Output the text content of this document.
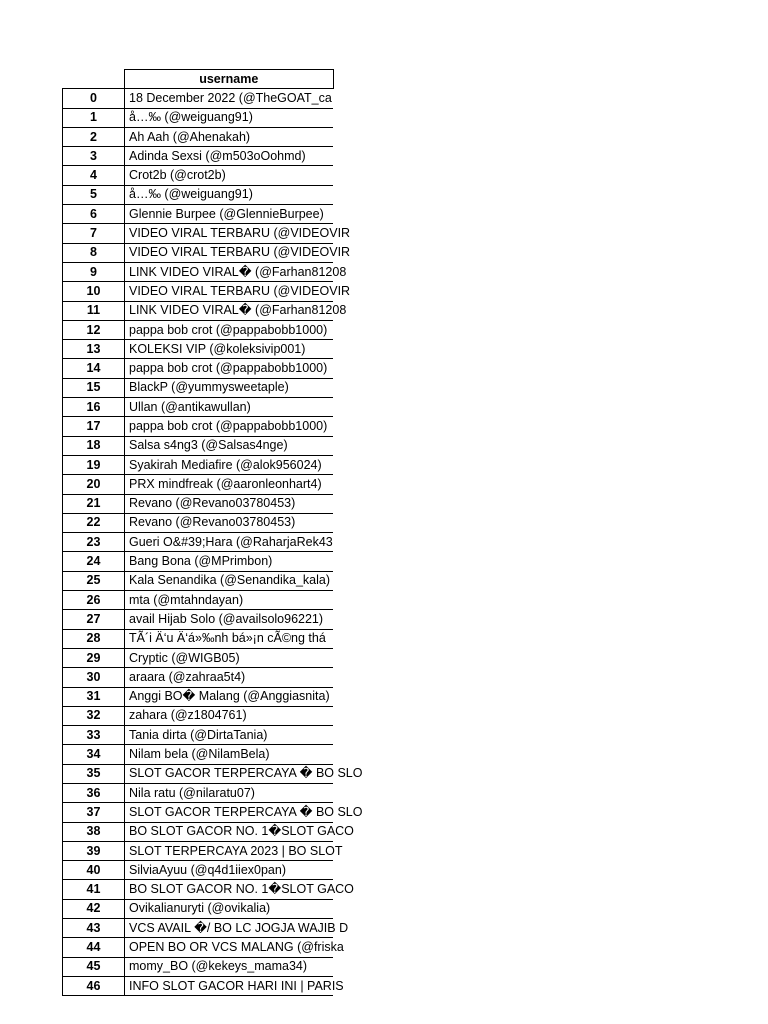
	username
0	18 December 2022 (@TheGOAT_ca

1	å…‰ (@weiguang91)

2	Ah Aah (@Ahenakah)

3	Adinda Sexsi (@m503oOohmd)

4	Crot2b (@crot2b)

5	å…‰ (@weiguang91)

6	Glennie Burpee (@GlennieBurpee)

7	VIDEO VIRAL TERBARU (@VIDEOVIR

8	VIDEO VIRAL TERBARU (@VIDEOVIR

9	LINK VIDEO VIRAL� (@Farhan81208

10	VIDEO VIRAL TERBARU (@VIDEOVIR

11	LINK VIDEO VIRAL� (@Farhan81208

12	pappa bob crot (@pappabobb1000)

13	KOLEKSI VIP (@koleksivip001)

14	pappa bob crot (@pappabobb1000)

15	BlackP (@yummysweetaple)

16	Ullan (@antikawullan)

17	pappa bob crot (@pappabobb1000)

18	Salsa s4ng3 (@Salsas4nge)

19	Syakirah Mediafire (@alok956024)

20	PRX mindfreak (@aaronleonhart4)

21	Revano (@Revano03780453)

22	Revano (@Revano03780453)

23	Gueri O&#39;Hara (@RaharjaRek43

24	Bang Bona (@MPrimbon)

25	Kala Senandika (@Senandika_kala)

26	mta (@mtahndayan)

27	avail Hijab Solo (@availsolo96221)

28	TÃ´i Ä‘u Ä‘á»‰nh bá»¡n cÃ©ng thá

29	Cryptic (@WIGB05)

30	araara (@zahraa5t4)

31	Anggi BO� Malang (@Anggiasnita)

32	zahara (@z1804761)

33	Tania dirta (@DirtaTania)

34	Nilam bela (@NilamBela)

35	SLOT GACOR TERPERCAYA � BO SLO

36	Nila ratu (@nilaratu07)

37	SLOT GACOR TERPERCAYA � BO SLO

38	BO SLOT GACOR NO. 1�SLOT GACO

39	SLOT TERPERCAYA 2023 | BO SLOT

40	SilviaAyuu (@q4d1iiex0pan)

41	BO SLOT GACOR NO. 1�SLOT GACO

42	Ovikalianuryti (@ovikalia)

43	VCS AVAIL �/ BO LC JOGJA WAJIB D

44	OPEN BO OR VCS MALANG (@friska

45	momy_BO (@kekeys_mama34)

46	INFO SLOT GACOR HARI INI | PARIS
